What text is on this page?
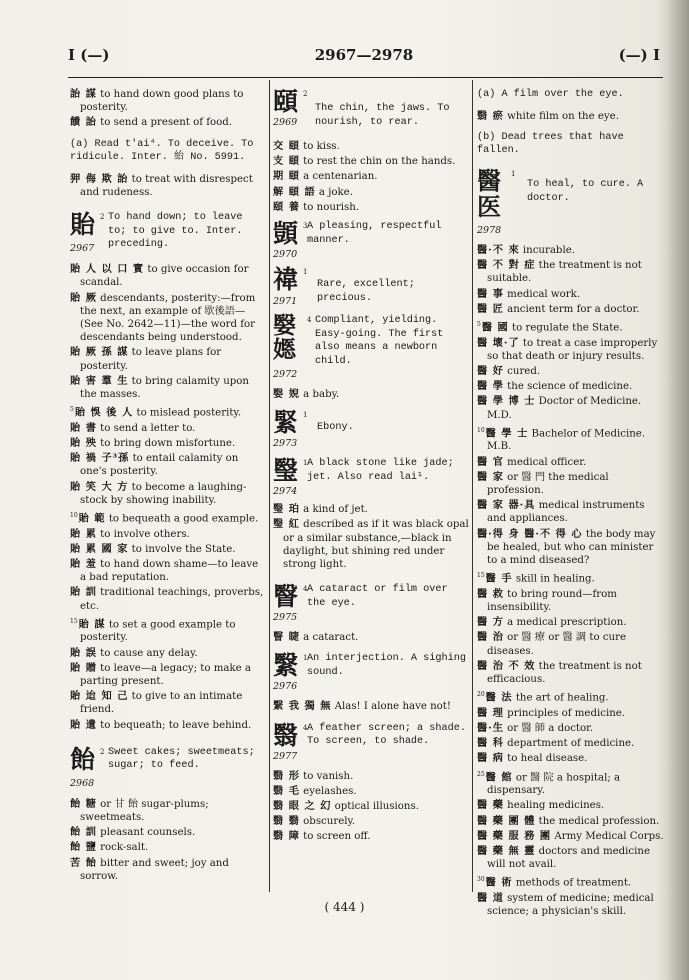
I (—)	2967—2978	(—) I
詒 謀 to hand down good plans to posterity.
饋 詒 to send a present of food.
(a) Read t'ai⁴. To deceive. To ridicule. Inter. 紿 No. 5991.
狎 侮 欺 詒 to treat with disrespect and rudeness.
貽 2
2967
To hand down; to leave to; to give to. Inter. preceding.
貽 人 以 口 實 to give occasion for scandal.
貽 厥 descendants, posterity:—from the next, an example of 歇後語—(See No. 2642—11)—the word for descendants being understood.
貽 厥 孫 謀 to leave plans for posterity.
貽 害 羣 生 to bring calamity upon the masses.
$^5$貽 悞 後 人 to mislead posterity.
貽 書 to send a letter to.
貽 殃 to bring down misfortune.
貽 禍 子³孫 to entail calamity on one's posterity.
貽 笑 大 方 to become a laughing-stock by showing inability.
$^{10}$貽 範 to bequeath a good example.
貽 累 to involve others.
貽 累 國 家 to involve the State.
貽 羞 to hand down shame—to leave a bad reputation.
貽 訓 traditional teachings, proverbs, etc.
$^{15}$貽 謀 to set a good example to posterity.
貽 誤 to cause any delay.
貽 贈 to leave—a legacy; to make a parting present.
貽 迨 知 己 to give to an intimate friend.
貽 遺 to bequeath; to leave behind.
飴 2
2968
Sweet cakes; sweetmeats; sugar; to feed.
飴 糖 or 甘 飴 sugar-plums; sweetmeats.
飴 訓 pleasant counsels.
飴 鹽 rock-salt.
苦 飴 bitter and sweet; joy and sorrow.
頤 2
2969
The chin, the jaws. To nourish, to rear.
交 頤 to kiss.
支 頤 to rest the chin on the hands.
期 頤 a centenarian.
解 頤 語 a joke.
頤 養 to nourish.
顗 3
2970
A pleasing, respectful manner.
禕 1
2971
Rare, excellent; precious.
嫛嫕
4
2972
Compliant, yielding. Easy-going. The first also means a newborn child.
嫛 婗 a baby.
緊 1
2973
Ebony.
瑿 1
2974
A black stone like jade; jet. Also read lai¹.
瑿 珀 a kind of jet.
瑿 紅 described as if it was black opal or a similar substance,—black in daylight, but shining red under strong light.
瞖 4
2975
A cataract or film over the eye.
瞖 睫 a cataract.
繄 1
2976
An interjection. A sighing sound.
繄 我 獨 無 Alas! I alone have not!
翳 4
2977
A feather screen; a shade. To screen, to shade.
翳 形 to vanish.
翳 毛 eyelashes.
翳 眼 之 幻 optical illusions.
翳 翳 obscurely.
翳 障 to screen off.
(a) A film over the eye.
翳 瘀 white film on the eye.
(b) Dead trees that have fallen.
醫医
1
2978
To heal, to cure. A doctor.
醫·不 來 incurable.
醫 不 對 症 the treatment is not suitable.
醫 事 medical work.
醫 匠 ancient term for a doctor.
$^5$醫 國 to regulate the State.
醫 壞·了 to treat a case improperly so that death or injury results.
醫 好 cured.
醫 學 the science of medicine.
醫 學 博 士 Doctor of Medicine. M.D.
$^{10}$醫 學 士 Bachelor of Medicine. M.B.
醫 官 medical officer.
醫 家 or 醫 門 the medical profession.
醫 家 器·具 medical instruments and appliances.
醫·得 身 醫·不 得 心 the body may be healed, but who can minister to a mind diseased?
$^{15}$醫 手 skill in healing.
醫 救 to bring round—from insensibility.
醫 方 a medical prescription.
醫 治 or 醫 療 or 醫 調 to cure diseases.
醫 治 不 效 the treatment is not efficacious.
$^{20}$醫 法 the art of healing.
醫 理 principles of medicine.
醫·生 or 醫 師 a doctor.
醫 科 department of medicine.
醫 病 to heal disease.
$^{25}$醫 館 or 醫 院 a hospital; a dispensary.
醫 藥 healing medicines.
醫 藥 團 體 the medical profession.
醫 藥 服 務 團 Army Medical Corps.
醫 藥 無 靈 doctors and medicine will not avail.
$^{30}$醫 術 methods of treatment.
醫 道 system of medicine; medical science; a physician's skill.
( 444 )
